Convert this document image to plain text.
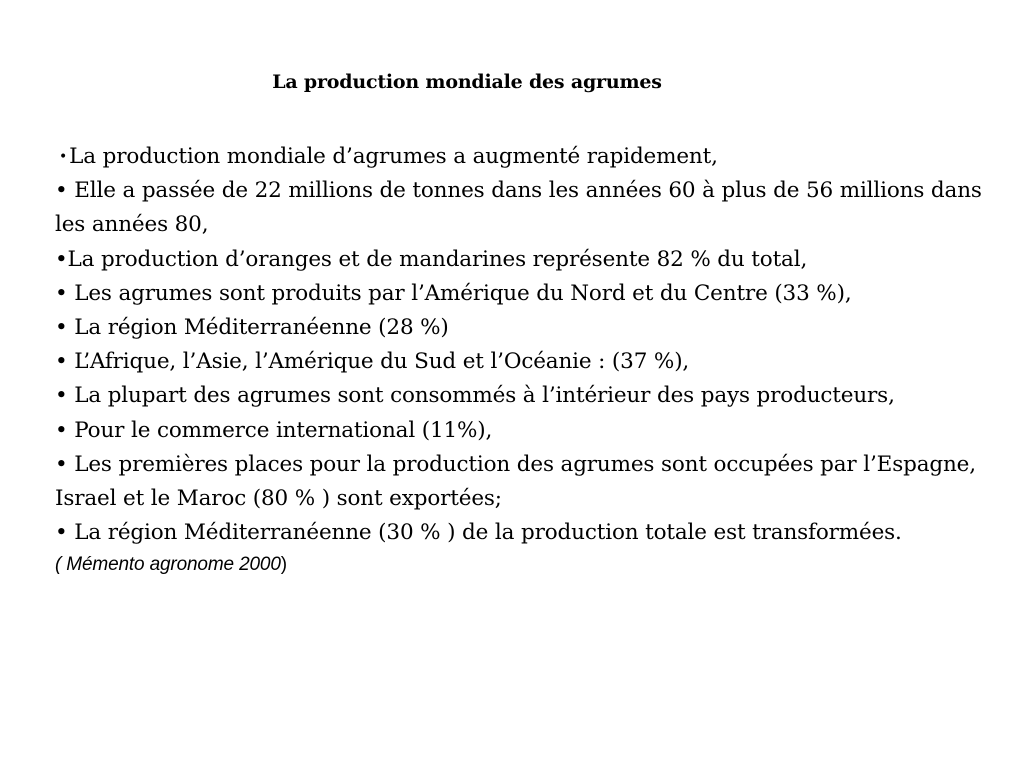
La production mondiale des agrumes

•La production mondiale d’agrumes a augmenté rapidement,

• Elle a passée de 22 millions de tonnes dans les années 60 à plus de 56 millions dans les années 80,

•La production d’oranges et de mandarines représente 82 % du total,

• Les agrumes sont produits par l’Amérique du Nord et du Centre (33 %),

• La région Méditerranéenne (28 %)

• L’Afrique, l’Asie, l’Amérique du Sud et l’Océanie : (37 %),

• La plupart des agrumes sont consommés à l’intérieur des pays producteurs,

• Pour le commerce international (11%),

• Les premières places pour la production des agrumes sont occupées par l’Espagne, Israel et le Maroc (80 % ) sont exportées;

• La région Méditerranéenne (30 % ) de la production totale est transformées.

( Mémento agronome 2000)
